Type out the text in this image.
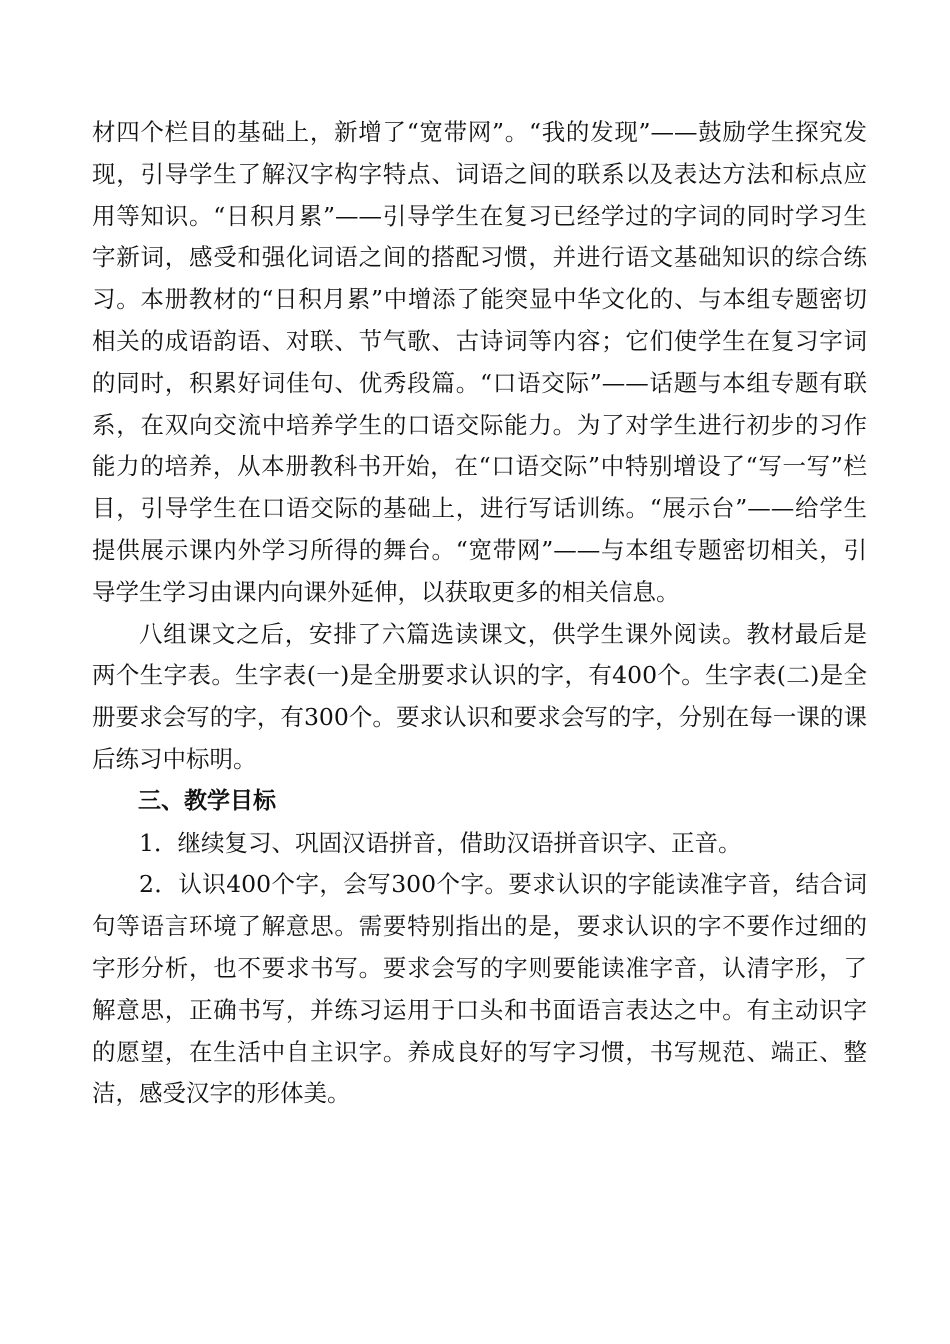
材四个栏目的基础上，新增了“宽带网”。“我的发现”——鼓励学生探究发现，引导学生了解汉字构字特点、词语之间的联系以及表达方法和标点应用等知识。“日积月累”——引导学生在复习已经学过的字词的同时学习生字新词，感受和强化词语之间的搭配习惯，并进行语文基础知识的综合练习。本册教材的“日积月累”中增添了能突显中华文化的、与本组专题密切相关的成语韵语、对联、节气歌、古诗词等内容；它们使学生在复习字词的同时，积累好词佳句、优秀段篇。“口语交际”——话题与本组专题有联系，在双向交流中培养学生的口语交际能力。为了对学生进行初步的习作能力的培养，从本册教科书开始，在“口语交际”中特别增设了“写一写”栏目，引导学生在口语交际的基础上，进行写话训练。“展示台”——给学生提供展示课内外学习所得的舞台。“宽带网”——与本组专题密切相关，引导学生学习由课内向课外延伸，以获取更多的相关信息。

八组课文之后，安排了六篇选读课文，供学生课外阅读。教材最后是两个生字表。生字表(一)是全册要求认识的字，有400个。生字表(二)是全册要求会写的字，有300个。要求认识和要求会写的字，分别在每一课的课后练习中标明。

三、教学目标

1．继续复习、巩固汉语拼音，借助汉语拼音识字、正音。

2．认识400个字，会写300个字。要求认识的字能读准字音，结合词句等语言环境了解意思。需要特别指出的是，要求认识的字不要作过细的字形分析，也不要求书写。要求会写的字则要能读准字音，认清字形，了解意思，正确书写，并练习运用于口头和书面语言表达之中。有主动识字的愿望，在生活中自主识字。养成良好的写字习惯，书写规范、端正、整洁，感受汉字的形体美。
